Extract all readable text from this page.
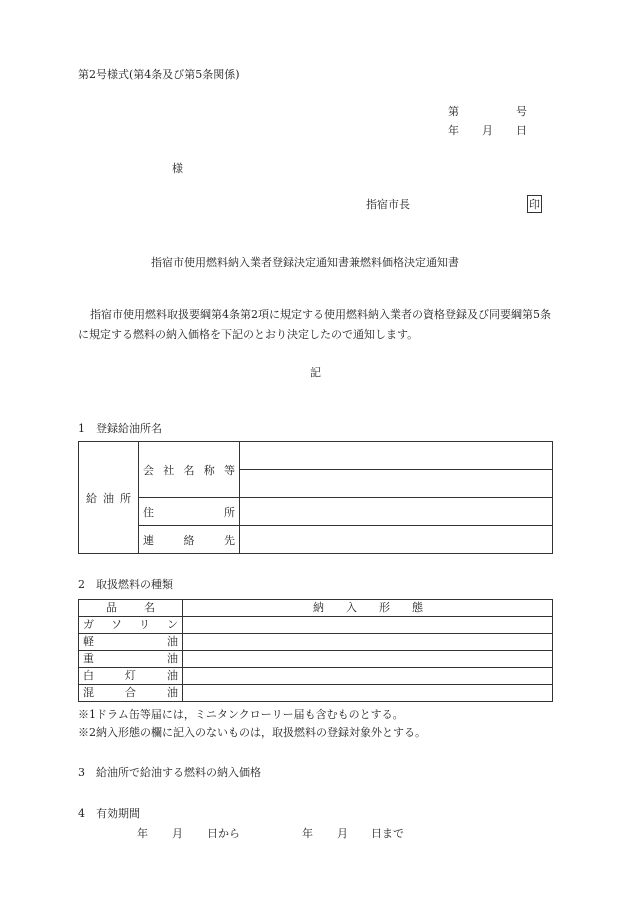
第2号様式(第4条及び第5条関係)
第	号
年 月 日
様
指宿市長	印
指宿市使用燃料納入業者登録決定通知書兼燃料価格決定通知書
指宿市使用燃料取扱要綱第4条第2項に規定する使用燃料納入業者の資格登録及び同要綱第5条に規定する燃料の納入価格を下記のとおり決定したので通知します。
記
1　登録給油所名
給 油 所	会 社 名 称 等	

	住 所	

	連 絡 先	

2　取扱燃料の種類
品 名	納 入 形 態

ガ ソ リ ン	

軽 油	

重 油	

白 灯 油	

混 合 油	

※1ドラム缶等届には，ミニタンクローリー届も含むものとする。
※2納入形態の欄に記入のないものは，取扱燃料の登録対象外とする。
3　給油所で給油する燃料の納入価格
4　有効期間
年 月 日から	年 月 日まで
